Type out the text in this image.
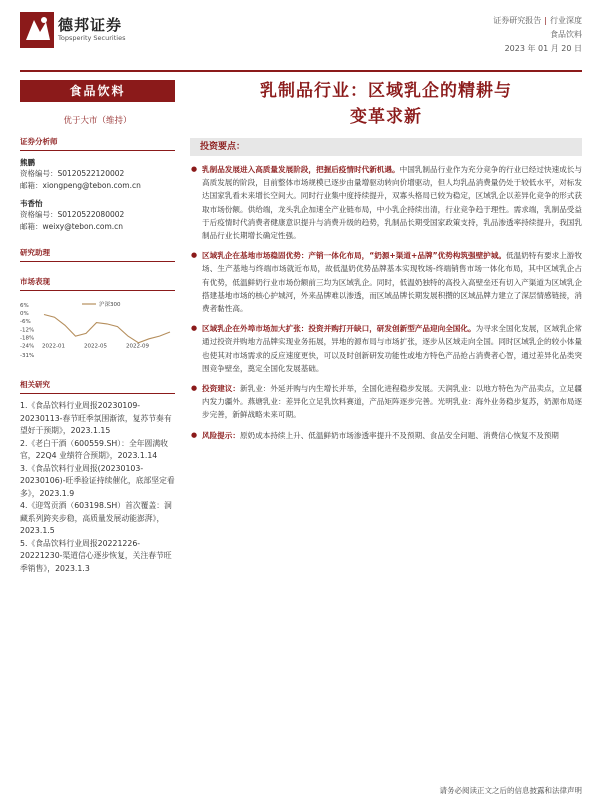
德邦证券
Topsperity Securities
证券研究报告 | 行业深度
食品饮料
2023 年 01 月 20 日
食品饮料
优于大市（维持）
证券分析师
熊鹏
资格编号：S0120522120002
邮箱：xiongpeng@tebon.com.cn
韦香怡
资格编号：S0120522080002
邮箱：weixy@tebon.com.cn
研究助理
市场表现
6%
0%
-6%
-12%
-18%
-24%
-31%
2022-01	2022-05	2022-09
沪深300
相关研究
1.《食品饮料行业周报20230109-20230113-春节旺季氛围渐浓，复苏节奏有望好于预期》，2023.1.15
2.《老白干酒（600559.SH）：全年圆满收官，22Q4 业绩符合预期》，2023.1.14
3.《食品饮料行业周报(20230103-20230106)-旺季验证持续催化，底部坚定看多》，2023.1.9
4.《迎驾贡酒（603198.SH）首次覆盖：洞藏系列跨夹步稳，高质量发展动能澎湃》，2023.1.5
5.《食品饮料行业周报20221226-20221230-渠道信心逐步恢复，关注春节旺季销售》，2023.1.3
乳制品行业：区域乳企的精耕与
变革求新
投资要点：
● 乳制品发展进入高质量发展阶段，把握后疫情时代新机遇。中国乳制品行业作为充分竞争的行业已经过快速成长与高质发展的阶段，目前整体市场规模已逐步由量增驱动转向价增驱动，但人均乳品消费量仍处于较低水平，对标发达国家乳看未来增长空间大。同时行业集中度持续提升，双寡头格局已较为稳定，区域乳企以差异化竞争的形式获取市场份额。供给端，龙头乳企加速全产业链布局，中小乳企持续出清，行业竞争趋于理性。需求端，乳制品受益于后疫情时代消费者健康意识提升与消费升级的趋势，乳制品长期受国家政策支持，乳品渗透率持续提升，我国乳制品行业长期增长确定性强。
● 区域乳企在基地市场稳固优势：产销一体化布局，“奶源+渠道+品牌”优势构筑强壁护城。低温奶特有要求上游牧场、生产基地与终端市场就近布局，故低温奶优势品牌基本实现牧场-终端销售市场一体化布局，其中区域乳企占有优势，低温鲜奶行业市场份额前三均为区域乳企。同时，低温奶独特的高投入高壁垒还有切入产渠道为区域乳企搭建基地市场的核心护城河，外来品牌难以渗透，而区域品牌长期发展积攒的区域品牌力建立了深层情感链接，消费者黏性高。
● 区域乳企在外埠市场加大扩张：投资并购打开缺口，研发创新型产品迎向全国化。为寻求全国化发展，区域乳企常通过投资并购地方品牌实现业务拓展，异地的源布局与市场扩张，逐步从区域走向全国。同时区域乳企的较小体量也使其对市场需求的反应速度更快，可以及时创新研发功能性或地方特色产品抢占消费者心智，通过差异化品类突围竞争壁垒，奠定全国化发展基础。
● 投资建议：新乳业：外延并购与内生增长并举，全国化进程稳步发展。天润乳业：以地方特色为产品卖点，立足疆内发力疆外。燕塘乳业：差异化立足乳饮料赛道，产品矩阵逐步完善。光明乳业：海外业务稳步复苏，奶源布局逐步完善，新鲜战略未来可期。
● 风险提示：原奶成本持续上升、低温鲜奶市场渗透率提升不及预期、食品安全问题、消费信心恢复不及预期
请务必阅读正文之后的信息披露和法律声明
